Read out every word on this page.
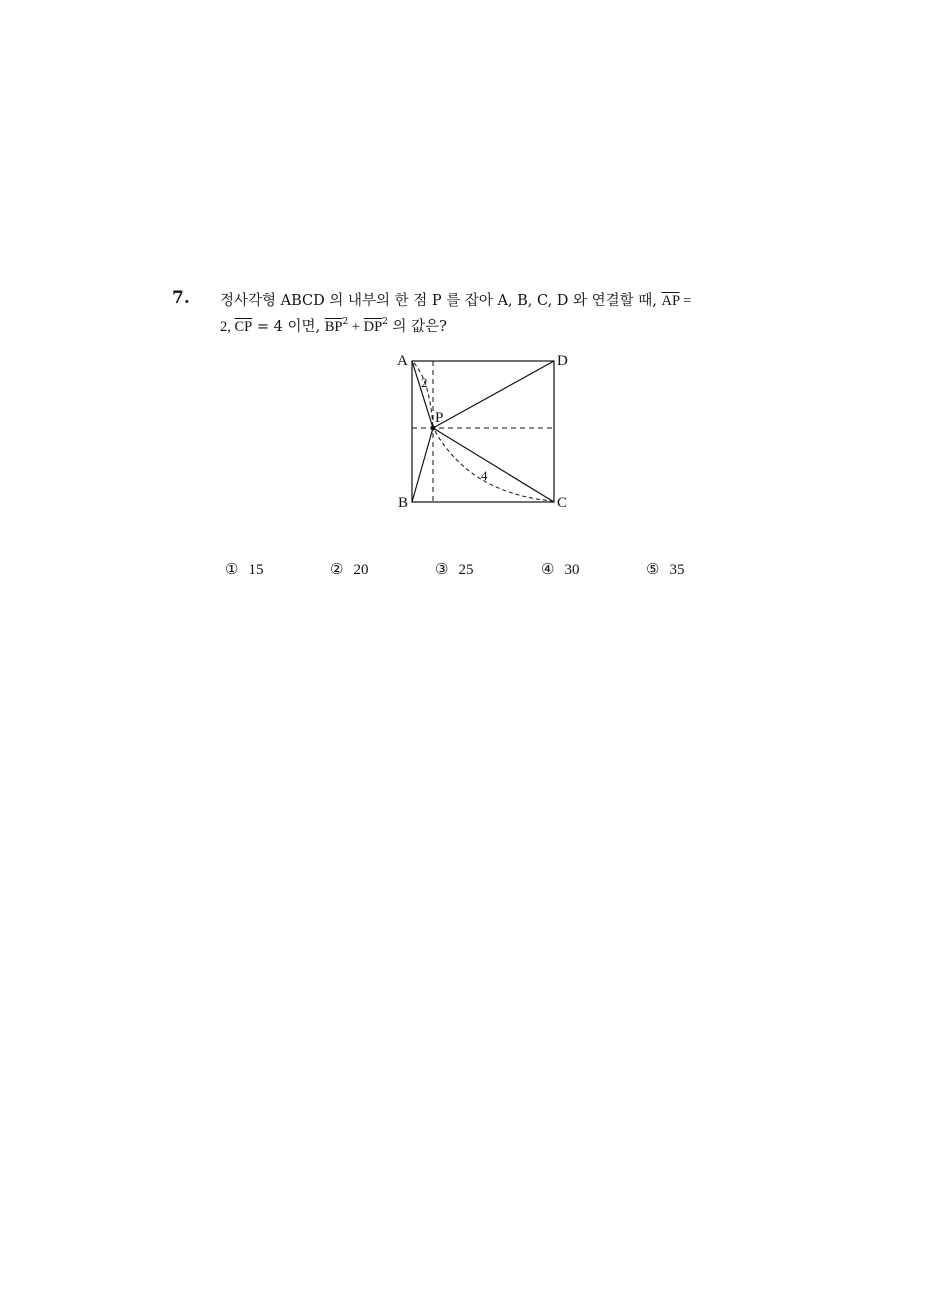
7. 정사각형 ABCD 의 내부의 한 점 P 를 잡아 A, B, C, D 와 연결할 때, $\overline{AP}$ =
2, $\overline{CP} = 4$ 이면, $\overline{BP}^2 + \overline{DP}^2$ 의 값은?
A
B	C
D
P
2
4
① 15	② 20	③ 25	④ 30	⑤ 35
